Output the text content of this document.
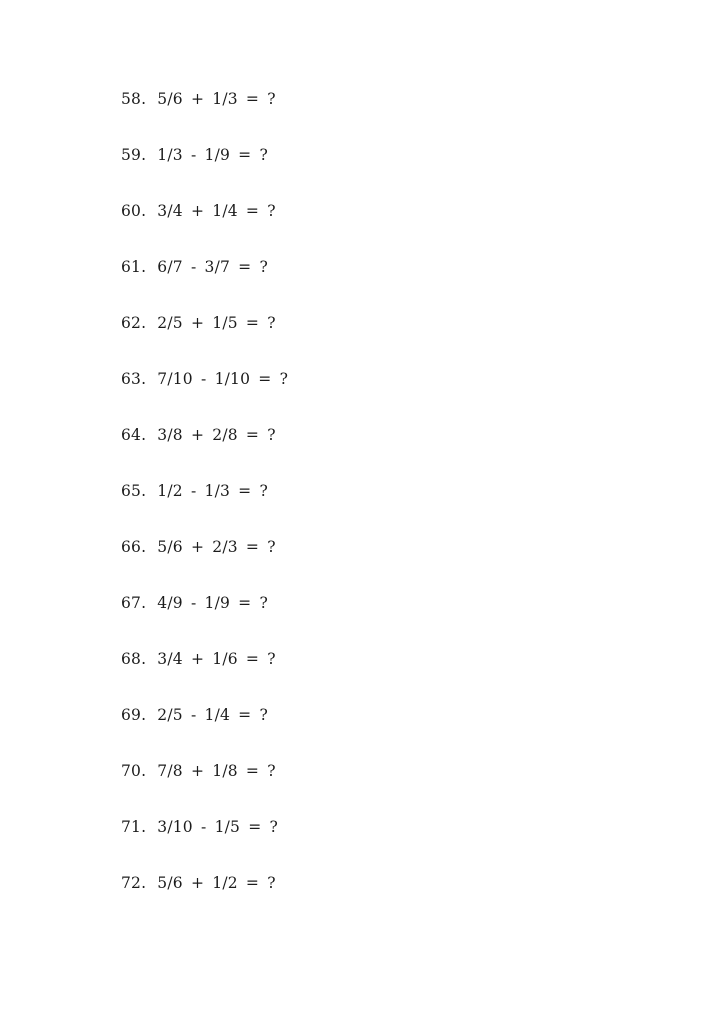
58. 5/6 + 1/3 = ?
59. 1/3 - 1/9 = ?
60. 3/4 + 1/4 = ?
61. 6/7 - 3/7 = ?
62. 2/5 + 1/5 = ?
63. 7/10 - 1/10 = ?
64. 3/8 + 2/8 = ?
65. 1/2 - 1/3 = ?
66. 5/6 + 2/3 = ?
67. 4/9 - 1/9 = ?
68. 3/4 + 1/6 = ?
69. 2/5 - 1/4 = ?
70. 7/8 + 1/8 = ?
71. 3/10 - 1/5 = ?
72. 5/6 + 1/2 = ?
